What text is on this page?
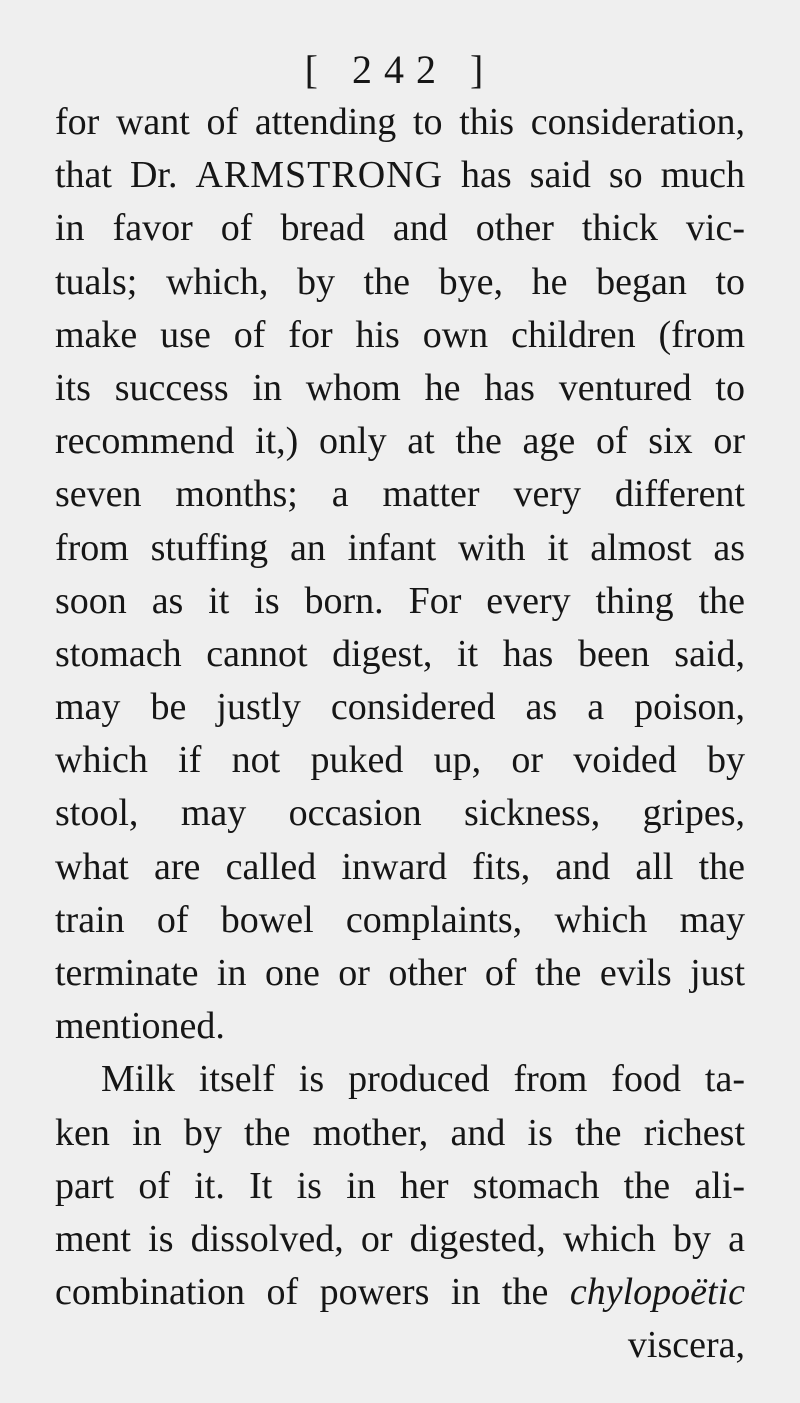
[ 242 ]
for want of attending to this consideration,
that Dr. ARMSTRONG has said so much
in favor of bread and other thick vic-
tuals; which, by the bye, he began to
make use of for his own children (from
its success in whom he has ventured to
recommend it,) only at the age of six or
seven months; a matter very different
from stuffing an infant with it almost as
soon as it is born. For every thing the
stomach cannot digest, it has been said,
may be justly considered as a poison,
which if not puked up, or voided by
stool, may occasion sickness, gripes,
what are called inward fits, and all the
train of bowel complaints, which may
terminate in one or other of the evils just
mentioned.
Milk itself is produced from food ta-
ken in by the mother, and is the richest
part of it. It is in her stomach the ali-
ment is dissolved, or digested, which by a
combination of powers in the chylopoëtic
viscera,
